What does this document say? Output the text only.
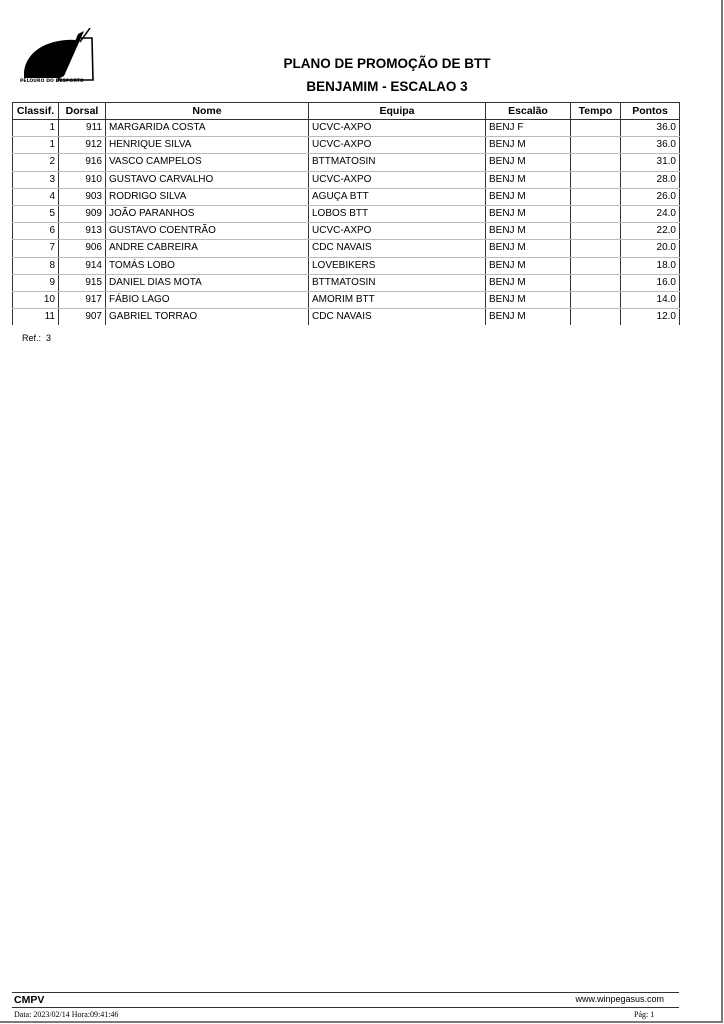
PELOURO DO DESPORTO
PLANO DE PROMOÇÃO DE BTT
BENJAMIM - ESCALAO 3
Classif.	Dorsal	Nome	Equipa	Escalão	Tempo	Pontos
1	911	MARGARIDA COSTA	UCVC-AXPO	BENJ F		36.0
1	912	HENRIQUE SILVA	UCVC-AXPO	BENJ M		36.0
2	916	VASCO CAMPELOS	BTTMATOSIN	BENJ M		31.0
3	910	GUSTAVO CARVALHO	UCVC-AXPO	BENJ M		28.0
4	903	RODRIGO SILVA	AGUÇA BTT	BENJ M		26.0
5	909	JOÃO PARANHOS	LOBOS BTT	BENJ M		24.0
6	913	GUSTAVO COENTRÃO	UCVC-AXPO	BENJ M		22.0
7	906	ANDRE CABREIRA	CDC NAVAIS	BENJ M		20.0
8	914	TOMÁS LOBO	LOVEBIKERS	BENJ M		18.0
9	915	DANIEL DIAS MOTA	BTTMATOSIN	BENJ M		16.0
10	917	FÁBIO LAGO	AMORIM BTT	BENJ M		14.0
11	907	GABRIEL TORRAO	CDC NAVAIS	BENJ M		12.0
Ref.: 3
CMPV	www.winpegasus.com
Data: 2023/02/14 Hora:09:41:46	Pág: 1
